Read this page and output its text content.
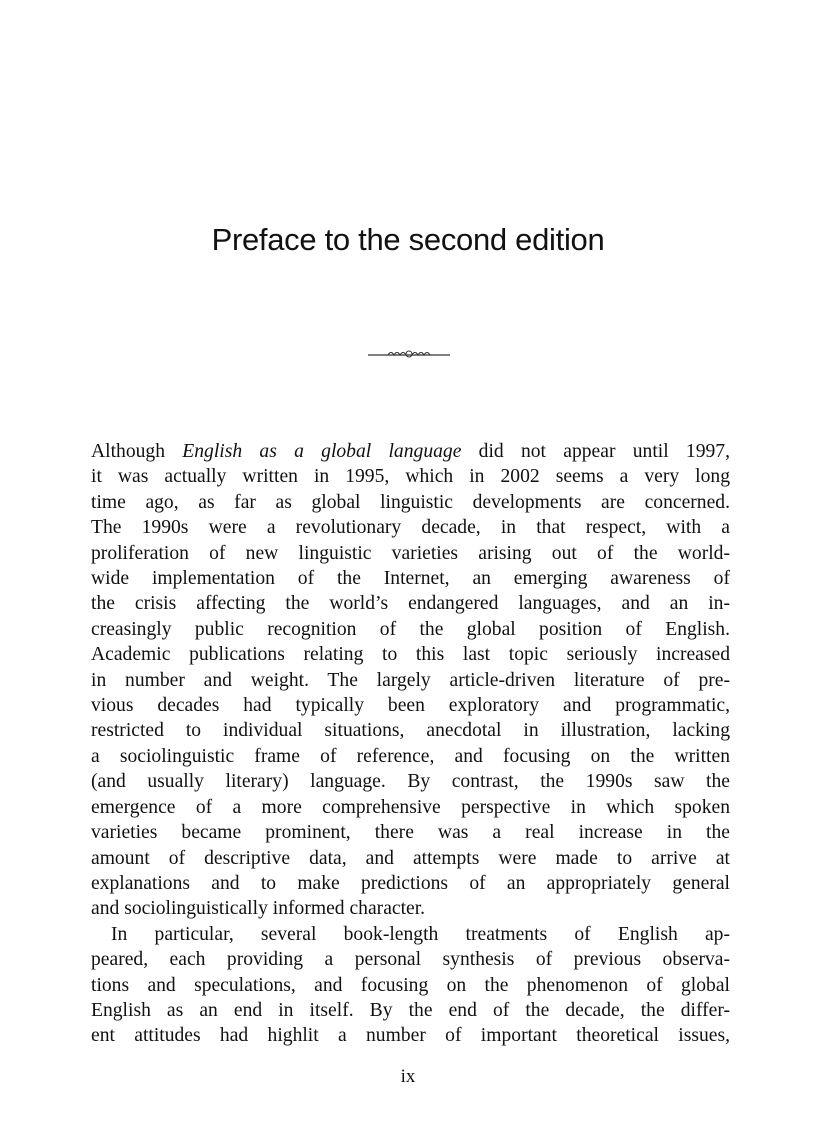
Preface to the second edition
Although English as a global language did not appear until 1997,
it was actually written in 1995, which in 2002 seems a very long
time ago, as far as global linguistic developments are concerned.
The 1990s were a revolutionary decade, in that respect, with a
proliferation of new linguistic varieties arising out of the world-
wide implementation of the Internet, an emerging awareness of
the crisis affecting the world’s endangered languages, and an in-
creasingly public recognition of the global position of English.
Academic publications relating to this last topic seriously increased
in number and weight. The largely article-driven literature of pre-
vious decades had typically been exploratory and programmatic,
restricted to individual situations, anecdotal in illustration, lacking
a sociolinguistic frame of reference, and focusing on the written
(and usually literary) language. By contrast, the 1990s saw the
emergence of a more comprehensive perspective in which spoken
varieties became prominent, there was a real increase in the
amount of descriptive data, and attempts were made to arrive at
explanations and to make predictions of an appropriately general
and sociolinguistically informed character.
In particular, several book-length treatments of English ap-
peared, each providing a personal synthesis of previous observa-
tions and speculations, and focusing on the phenomenon of global
English as an end in itself. By the end of the decade, the differ-
ent attitudes had highlit a number of important theoretical issues,
ix
